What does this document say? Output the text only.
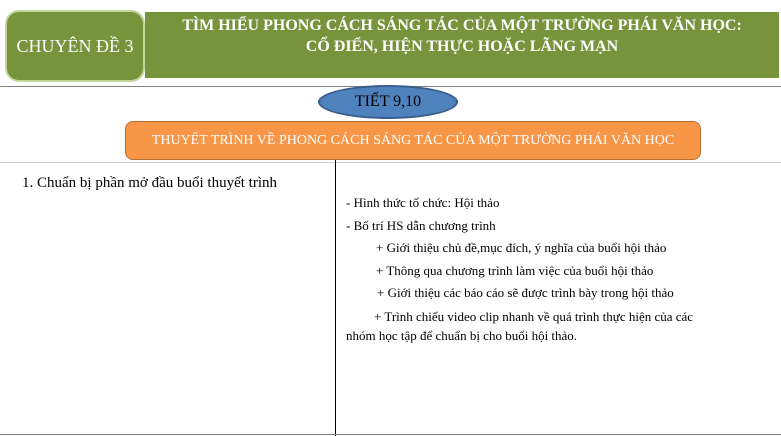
CHUYÊN ĐỀ 3
TÌM HIỂU PHONG CÁCH SÁNG TÁC CỦA MỘT TRƯỜNG PHÁI VĂN HỌC:
CỔ ĐIỂN, HIỆN THỰC HOẶC LÃNG MẠN
TIẾT 9,10
THUYẾT TRÌNH VỀ PHONG CÁCH SÁNG TÁC CỦA MỘT TRƯỜNG PHÁI VĂN HỌC
1. Chuẩn bị phần mở đầu buổi thuyết trình
- Hình thức tổ chức: Hội thảo
- Bố trí HS dẫn chương trình
+ Giới thiệu chủ đề,mục đích, ý nghĩa của buổi hội thảo
+ Thông qua chương trình làm việc của buổi hội thảo
+ Giới thiệu các báo cáo sẽ được trình bày trong hội thảo
+ Trình chiếu video clip nhanh về quá trình thực hiện của các
nhóm học tập để chuẩn bị cho buổi hội thảo.
